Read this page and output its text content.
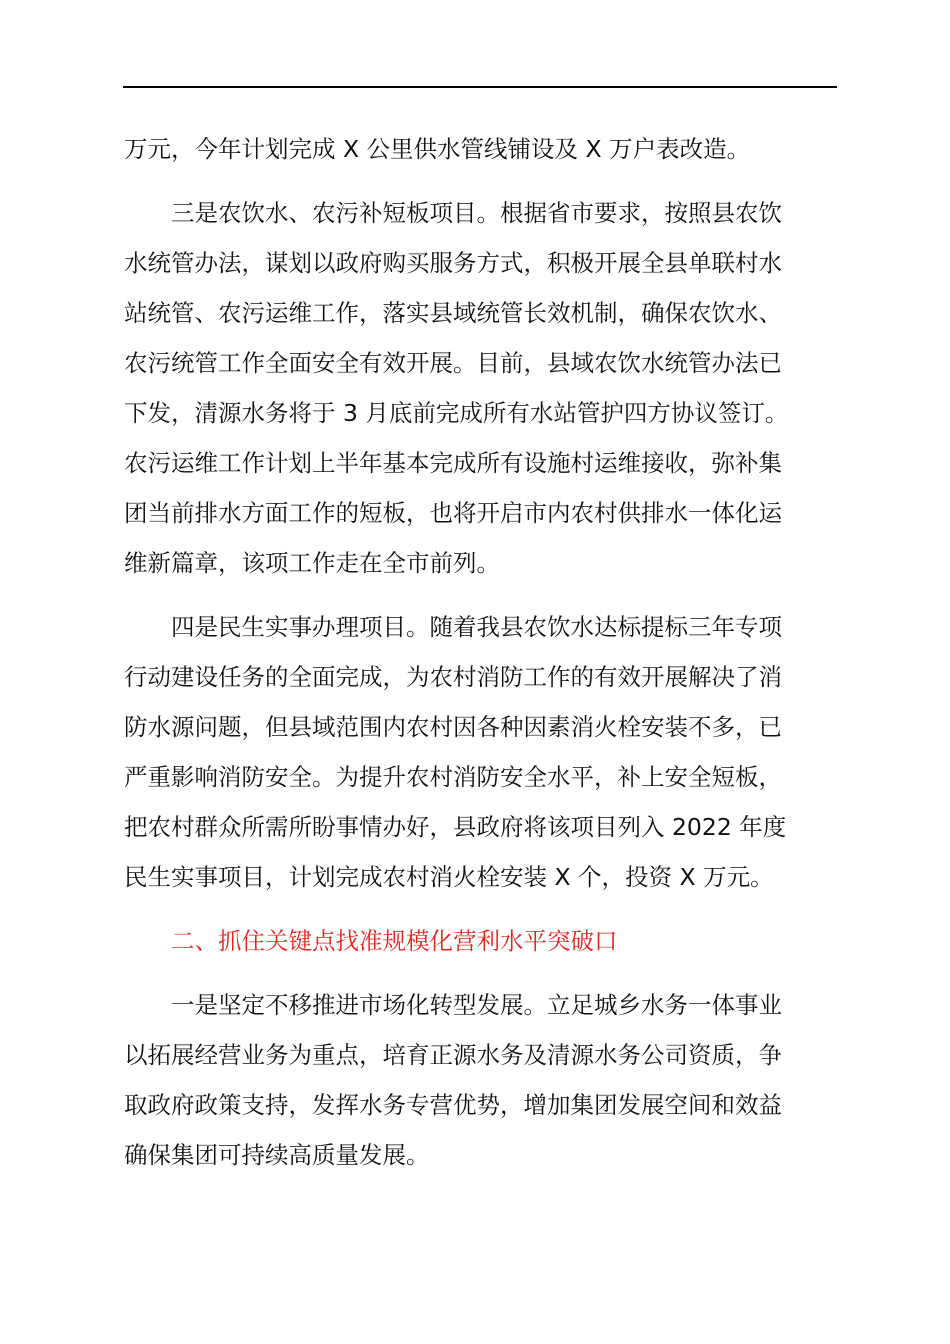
万元，今年计划完成 X 公里供水管线铺设及 X 万户表改造。
三是农饮水、农污补短板项目。根据省市要求，按照县农饮
水统管办法，谋划以政府购买服务方式，积极开展全县单联村水
站统管、农污运维工作，落实县域统管长效机制，确保农饮水、
农污统管工作全面安全有效开展。目前，县域农饮水统管办法已
下发，清源水务将于 3 月底前完成所有水站管护四方协议签订。
农污运维工作计划上半年基本完成所有设施村运维接收，弥补集
团当前排水方面工作的短板，也将开启市内农村供排水一体化运
维新篇章，该项工作走在全市前列。
四是民生实事办理项目。随着我县农饮水达标提标三年专项
行动建设任务的全面完成，为农村消防工作的有效开展解决了消
防水源问题，但县域范围内农村因各种因素消火栓安装不多，已
严重影响消防安全。为提升农村消防安全水平，补上安全短板，
把农村群众所需所盼事情办好，县政府将该项目列入 2022 年度
民生实事项目，计划完成农村消火栓安装 X 个，投资 X 万元。
二、抓住关键点找准规模化营利水平突破口
一是坚定不移推进市场化转型发展。立足城乡水务一体事业
以拓展经营业务为重点，培育正源水务及清源水务公司资质，争
取政府政策支持，发挥水务专营优势，增加集团发展空间和效益
确保集团可持续高质量发展。
